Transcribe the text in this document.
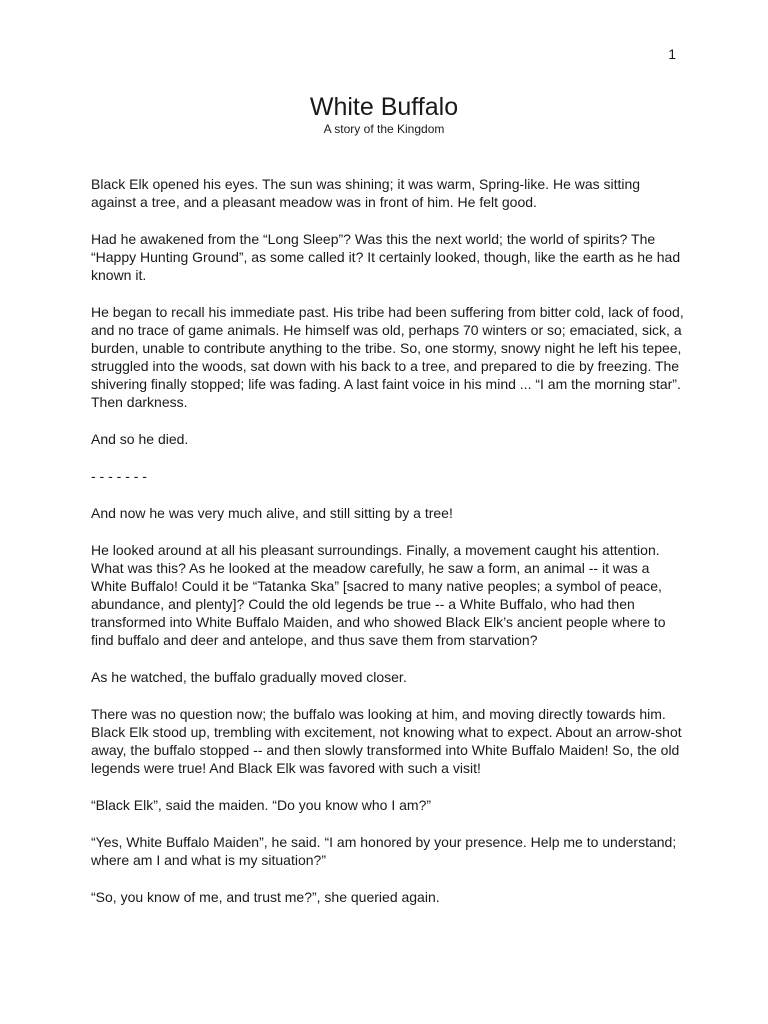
1
White Buffalo

A story of the Kingdom

Black Elk opened his eyes. The sun was shining; it was warm, Spring-like. He was sitting against a tree, and a pleasant meadow was in front of him. He felt good.

Had he awakened from the “Long Sleep”? Was this the next world; the world of spirits? The “Happy Hunting Ground”, as some called it? It certainly looked, though, like the earth as he had known it.

He began to recall his immediate past. His tribe had been suffering from bitter cold, lack of food, and no trace of game animals. He himself was old, perhaps 70 winters or so; emaciated, sick, a burden, unable to contribute anything to the tribe. So, one stormy, snowy night he left his tepee, struggled into the woods, sat down with his back to a tree, and prepared to die by freezing. The shivering finally stopped; life was fading. A last faint voice in his mind ... “I am the morning star”. Then darkness.

And so he died.

- - - - - - -

And now he was very much alive, and still sitting by a tree!

He looked around at all his pleasant surroundings. Finally, a movement caught his attention. What was this? As he looked at the meadow carefully, he saw a form, an animal -- it was a White Buffalo! Could it be “Tatanka Ska” [sacred to many native peoples; a symbol of peace, abundance, and plenty]? Could the old legends be true -- a White Buffalo, who had then transformed into White Buffalo Maiden, and who showed Black Elk’s ancient people where to find buffalo and deer and antelope, and thus save them from starvation?

As he watched, the buffalo gradually moved closer.

There was no question now; the buffalo was looking at him, and moving directly towards him. Black Elk stood up, trembling with excitement, not knowing what to expect. About an arrow-shot away, the buffalo stopped -- and then slowly transformed into White Buffalo Maiden! So, the old legends were true! And Black Elk was favored with such a visit!

“Black Elk”, said the maiden. “Do you know who I am?”

“Yes, White Buffalo Maiden”, he said. “I am honored by your presence. Help me to understand; where am I and what is my situation?”

“So, you know of me, and trust me?”, she queried again.
